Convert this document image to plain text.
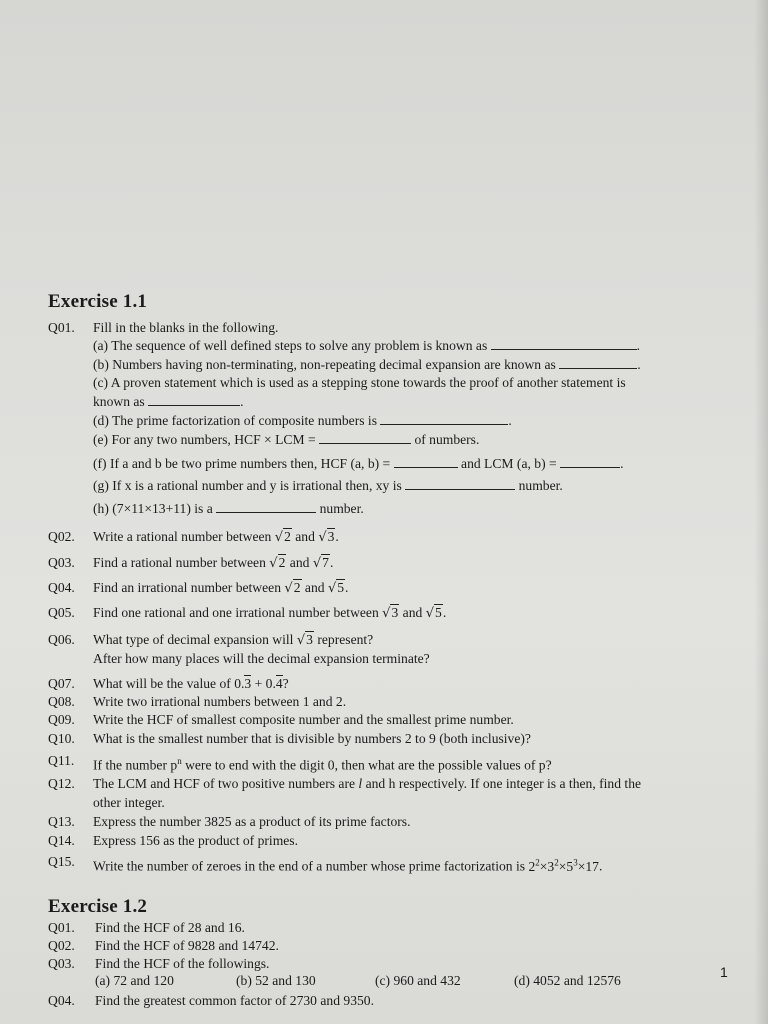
Exercise 1.1
Q01. Fill in the blanks in the following.
(a) The sequence of well defined steps to solve any problem is known as	.
(b) Numbers having non-terminating, non-repeating decimal expansion are known as	.
(c) A proven statement which is used as a stepping stone towards the proof of another statement is
known as	.
(d) The prime factorization of composite numbers is	.
(e) For any two numbers, HCF × LCM =	of numbers.
(f) If a and b be two prime numbers then, HCF (a, b) =	and LCM (a, b) =	.
(g) If x is a rational number and y is irrational then, xy is	number.
(h) (7×11×13+11) is a	number.
Q02. Write a rational number between √2 and √3.
Q03. Find a rational number between √2 and √7.
Q04. Find an irrational number between √2 and √5.
Q05. Find one rational and one irrational number between √3 and √5.
Q06. What type of decimal expansion will √3 represent?
After how many places will the decimal expansion terminate?
Q07. What will be the value of 0.3 + 0.4?
Q08. Write two irrational numbers between 1 and 2.
Q09. Write the HCF of smallest composite number and the smallest prime number.
Q10. What is the smallest number that is divisible by numbers 2 to 9 (both inclusive)?
Q11. If the number $p^n$ were to end with the digit 0, then what are the possible values of p?
Q12. The LCM and HCF of two positive numbers are l and h respectively. If one integer is a then, find the
other integer.
Q13. Express the number 3825 as a product of its prime factors.
Q14. Express 156 as the product of primes.
Q15. Write the number of zeroes in the end of a number whose prime factorization is $2^2\times 3^2\times 5^3\times 17$.
Exercise 1.2
Q01. Find the HCF of 28 and 16.
Q02. Find the HCF of 9828 and 14742.
Q03. Find the HCF of the followings.
(a) 72 and 120	(b) 52 and 130	(c) 960 and 432	(d) 4052 and 12576
Q04. Find the greatest common factor of 2730 and 9350.
1
